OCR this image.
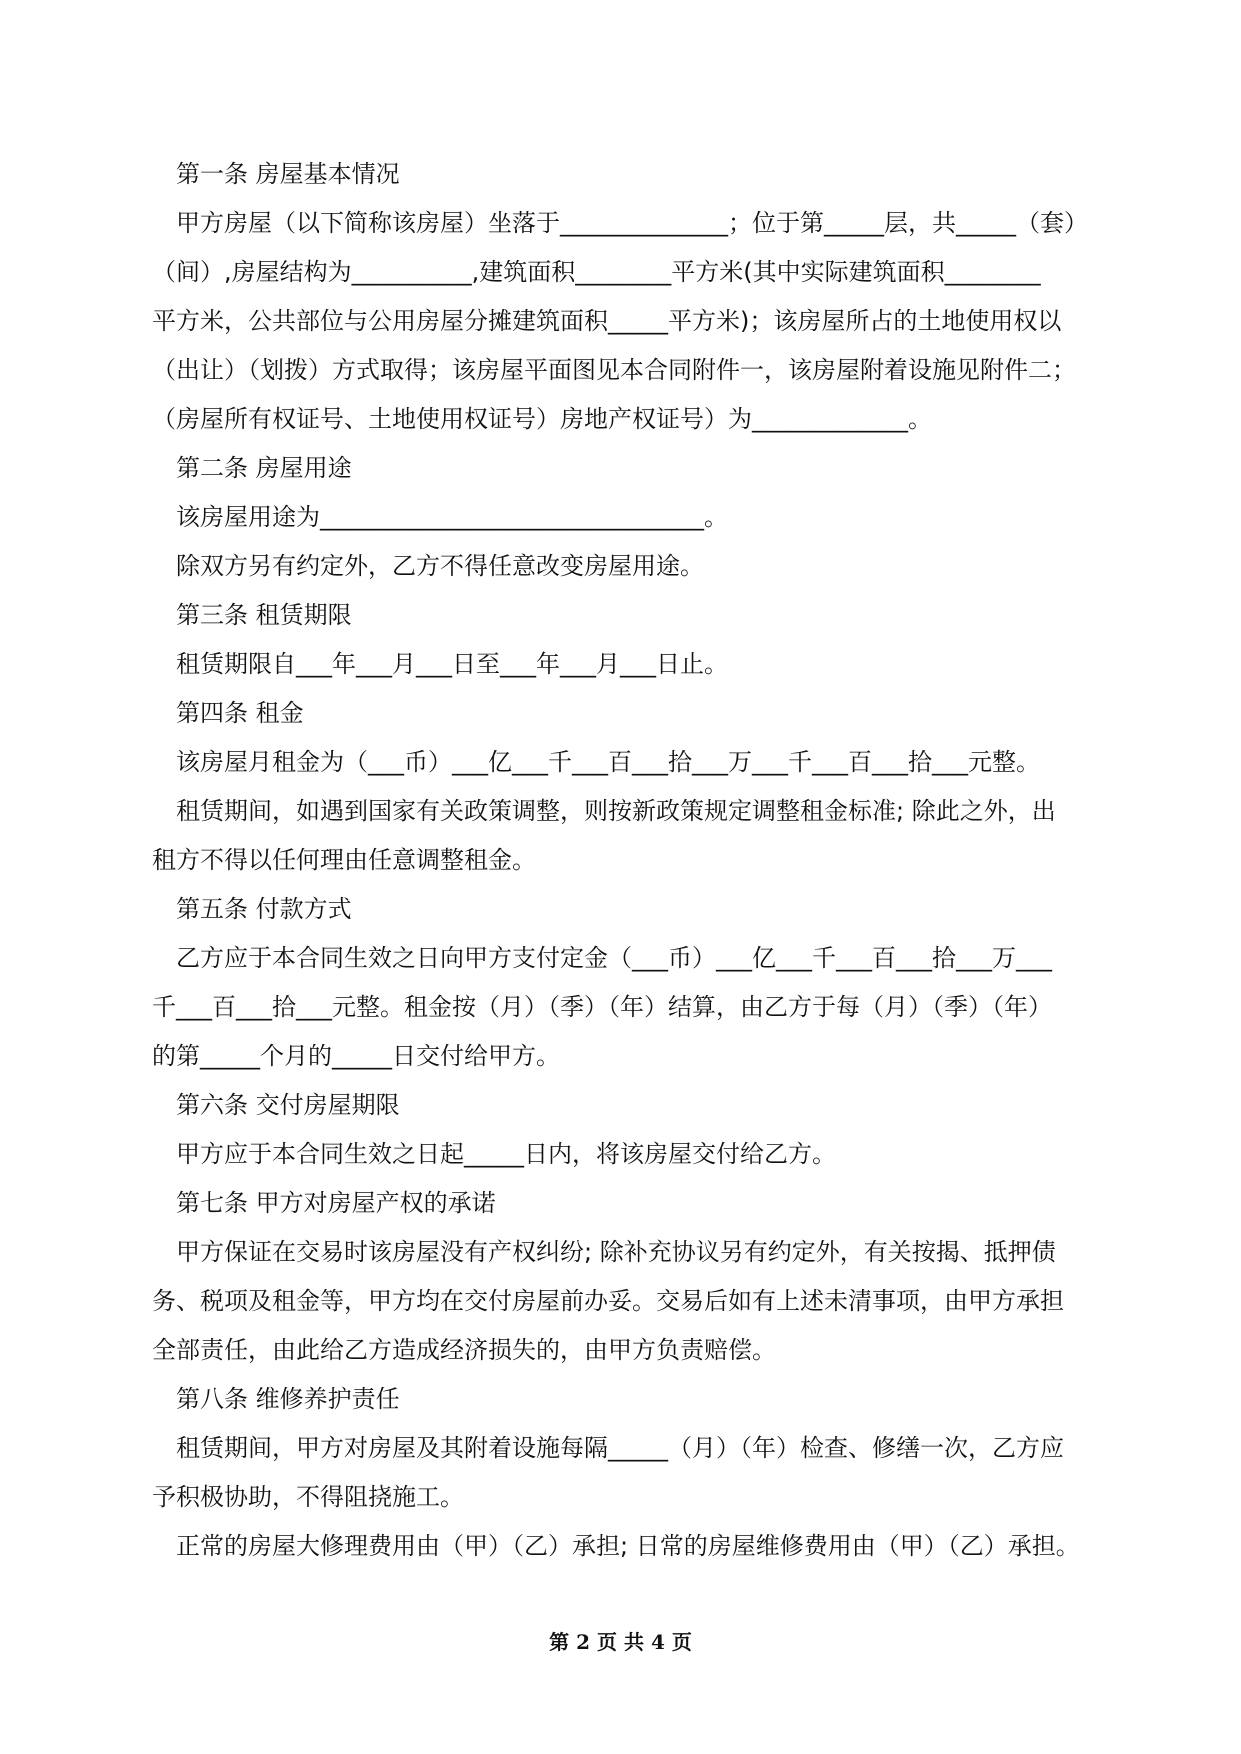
第一条 房屋基本情况

甲方房屋（以下简称该房屋）坐落于______________；位于第_____层，共_____（套）

（间）,房屋结构为__________,建筑面积________平方米(其中实际建筑面积________

平方米，公共部位与公用房屋分摊建筑面积_____平方米)；该房屋所占的土地使用权以

（出让）（划拨）方式取得；该房屋平面图见本合同附件一，该房屋附着设施见附件二；

（房屋所有权证号、土地使用权证号）房地产权证号）为_____________。

第二条 房屋用途

该房屋用途为________________________________。

除双方另有约定外，乙方不得任意改变房屋用途。

第三条 租赁期限

租赁期限自___年___月___日至___年___月___日止。

第四条 租金

该房屋月租金为（___币）___亿___千___百___拾___万___千___百___拾___元整。

租赁期间，如遇到国家有关政策调整，则按新政策规定调整租金标准; 除此之外，出

租方不得以任何理由任意调整租金。

第五条 付款方式

乙方应于本合同生效之日向甲方支付定金（___币）___亿___千___百___拾___万___

千___百___拾___元整。租金按（月）（季）（年）结算，由乙方于每（月）（季）（年）

的第_____个月的_____日交付给甲方。

第六条 交付房屋期限

甲方应于本合同生效之日起_____日内，将该房屋交付给乙方。

第七条 甲方对房屋产权的承诺

甲方保证在交易时该房屋没有产权纠纷; 除补充协议另有约定外，有关按揭、抵押债

务、税项及租金等，甲方均在交付房屋前办妥。交易后如有上述未清事项，由甲方承担

全部责任，由此给乙方造成经济损失的，由甲方负责赔偿。

第八条 维修养护责任

租赁期间，甲方对房屋及其附着设施每隔_____（月）（年）检查、修缮一次，乙方应

予积极协助，不得阻挠施工。

正常的房屋大修理费用由（甲）（乙）承担; 日常的房屋维修费用由（甲）（乙）承担。

第 2 页 共 4 页
